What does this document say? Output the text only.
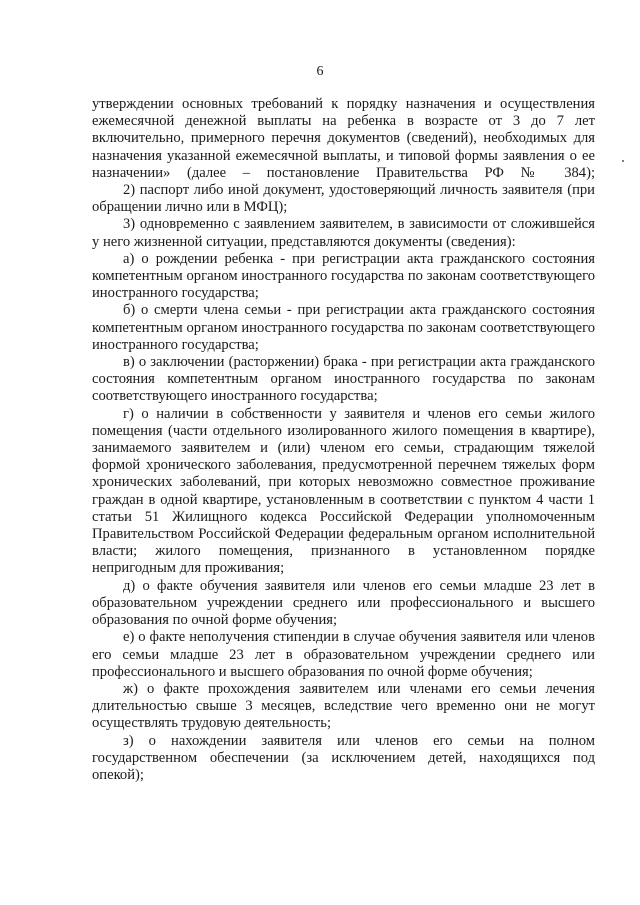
6

утверждении основных требований к порядку назначения и осуществления ежемесячной денежной выплаты на ребенка в возрасте от 3 до 7 лет включительно, примерного перечня документов (сведений), необходимых для назначения указанной ежемесячной выплаты, и типовой формы заявления о ее назначении» (далее – постановление Правительства РФ № 384);

2) паспорт либо иной документ, удостоверяющий личность заявителя (при обращении лично или в МФЦ);

3) одновременно с заявлением заявителем, в зависимости от сложившейся у него жизненной ситуации, представляются документы (сведения):

а) о рождении ребенка - при регистрации акта гражданского состояния компетентным органом иностранного государства по законам соответствующего иностранного государства;

б) о смерти члена семьи - при регистрации акта гражданского состояния компетентным органом иностранного государства по законам соответствующего иностранного государства;

в) о заключении (расторжении) брака - при регистрации акта гражданского состояния компетентным органом иностранного государства по законам соответствующего иностранного государства;

г) о наличии в собственности у заявителя и членов его семьи жилого помещения (части отдельного изолированного жилого помещения в квартире), занимаемого заявителем и (или) членом его семьи, страдающим тяжелой формой хронического заболевания, предусмотренной перечнем тяжелых форм хронических заболеваний, при которых невозможно совместное проживание граждан в одной квартире, установленным в соответствии с пунктом 4 части 1 статьи 51 Жилищного кодекса Российской Федерации уполномоченным Правительством Российской Федерации федеральным органом исполнительной власти; жилого помещения, признанного в установленном порядке непригодным для проживания;

д) о факте обучения заявителя или членов его семьи младше 23 лет в образовательном учреждении среднего или профессионального и высшего образования по очной форме обучения;

е) о факте неполучения стипендии в случае обучения заявителя или членов его семьи младше 23 лет в образовательном учреждении среднего или профессионального и высшего образования по очной форме обучения;

ж) о факте прохождения заявителем или членами его семьи лечения длительностью свыше 3 месяцев, вследствие чего временно они не могут осуществлять трудовую деятельность;

з) о нахождении заявителя или членов его семьи на полном государственном обеспечении (за исключением детей, находящихся под опекой);
